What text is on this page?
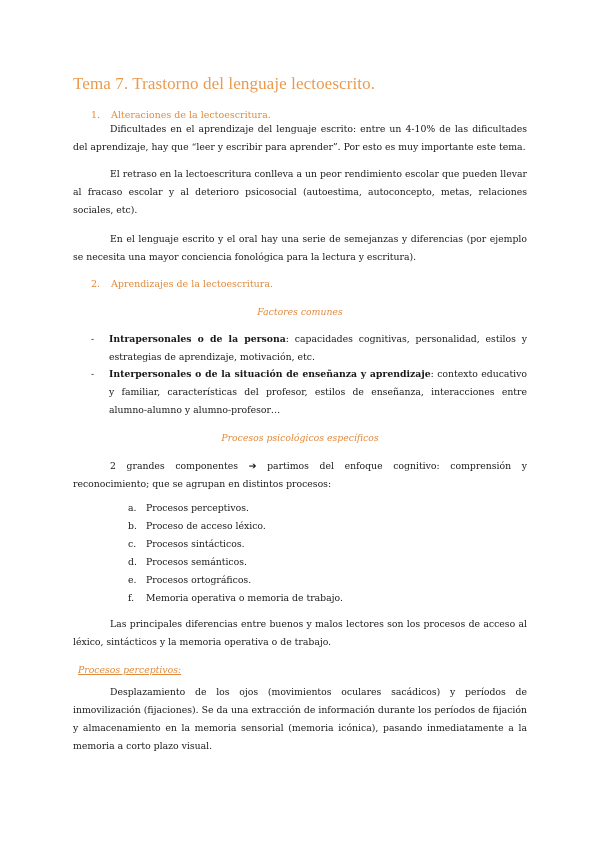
Tema 7. Trastorno del lenguaje lectoescrito.
1. Alteraciones de la lectoescritura.
Dificultades en el aprendizaje del lenguaje escrito: entre un 4-10% de las dificultades del aprendizaje, hay que “leer y escribir para aprender”. Por esto es muy importante este tema.
El retraso en la lectoescritura conlleva a un peor rendimiento escolar que pueden llevar al fracaso escolar y al deterioro psicosocial (autoestima, autoconcepto, metas, relaciones sociales, etc).
En el lenguaje escrito y el oral hay una serie de semejanzas y diferencias (por ejemplo se necesita una mayor conciencia fonológica para la lectura y escritura).
2. Aprendizajes de la lectoescritura.
Factores comunes
- Intrapersonales o de la persona: capacidades cognitivas, personalidad, estilos y estrategias de aprendizaje, motivación, etc.
- Interpersonales o de la situación de enseñanza y aprendizaje: contexto educativo y familiar, características del profesor, estilos de enseñanza, interacciones entre alumno-alumno y alumno-profesor…
Procesos psicológicos específicos
2 grandes componentes ➔ partimos del enfoque cognitivo: comprensión y reconocimiento; que se agrupan en distintos procesos:
a. Procesos perceptivos.
b. Proceso de acceso léxico.
c. Procesos sintácticos.
d. Procesos semánticos.
e. Procesos ortográficos.
f. Memoria operativa o memoria de trabajo.
Las principales diferencias entre buenos y malos lectores son los procesos de acceso al léxico, sintácticos y la memoria operativa o de trabajo.
Procesos perceptivos:
Desplazamiento de los ojos (movimientos oculares sacádicos) y períodos de inmovilización (fijaciones). Se da una extracción de información durante los períodos de fijación y almacenamiento en la memoria sensorial (memoria icónica), pasando inmediatamente a la memoria a corto plazo visual.
